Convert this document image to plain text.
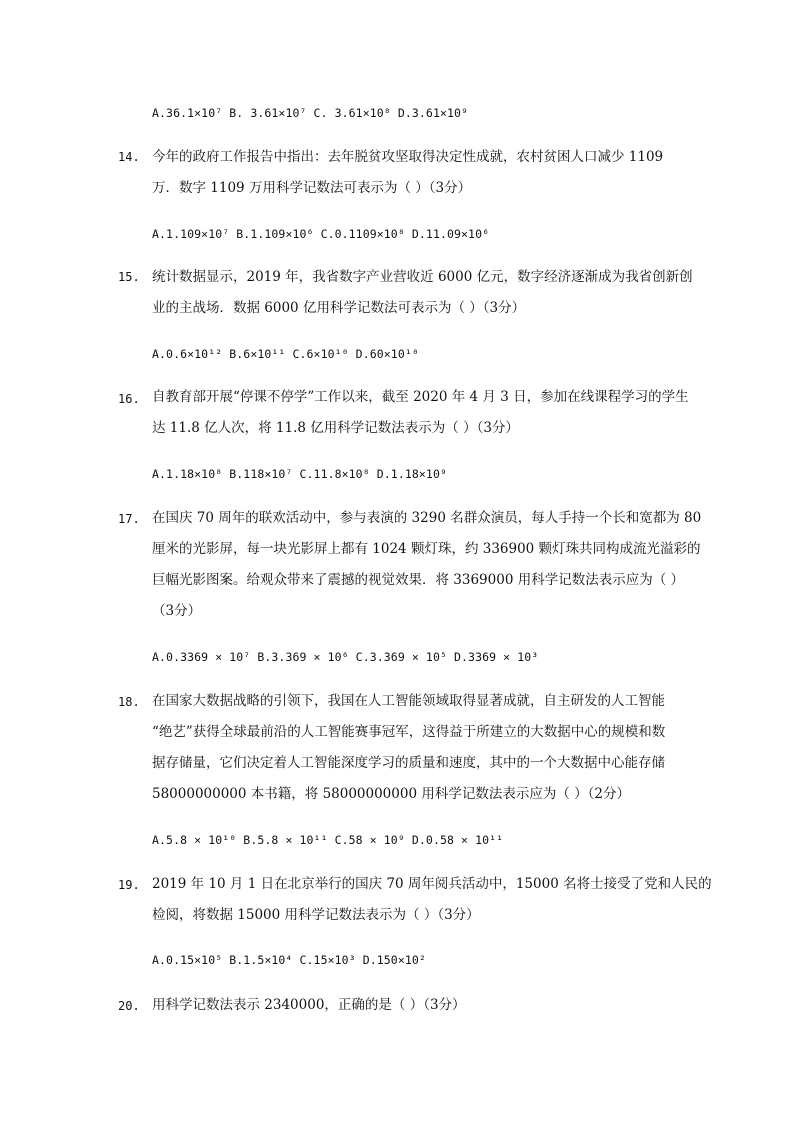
A.36.1×10⁷ B. 3.61×10⁷ C. 3.61×10⁸ D.3.61×10⁹
14. 今年的政府工作报告中指出：去年脱贫攻坚取得决定性成就，农村贫困人口减少 1109
万．数字 1109 万用科学记数法可表示为（ ）（3分）
A.1.109×10⁷ B.1.109×10⁶ C.0.1109×10⁸ D.11.09×10⁶
15. 统计数据显示，2019 年，我省数字产业营收近 6000 亿元，数字经济逐渐成为我省创新创
业的主战场．数据 6000 亿用科学记数法可表示为（ ）（3分）
A.0.6×10¹² B.6×10¹¹ C.6×10¹⁰ D.60×10¹⁰
16. 自教育部开展“停课不停学”工作以来，截至 2020 年 4 月 3 日，参加在线课程学习的学生
达 11.8 亿人次，将 11.8 亿用科学记数法表示为（ ）（3分）
A.1.18×10⁸ B.118×10⁷ C.11.8×10⁸ D.1.18×10⁹
17. 在国庆 70 周年的联欢活动中，参与表演的 3290 名群众演员，每人手持一个长和宽都为 80
厘米的光影屏，每一块光影屏上都有 1024 颗灯珠，约 336900 颗灯珠共同构成流光溢彩的
巨幅光影图案。给观众带来了震撼的视觉效果．将 3369000 用科学记数法表示应为（ ）
（3分）
A.0.3369 × 10⁷ B.3.369 × 10⁶ C.3.369 × 10⁵ D.3369 × 10³
18. 在国家大数据战略的引领下，我国在人工智能领域取得显著成就，自主研发的人工智能
“绝艺”获得全球最前沿的人工智能赛事冠军，这得益于所建立的大数据中心的规模和数
据存储量，它们决定着人工智能深度学习的质量和速度，其中的一个大数据中心能存储
58000000000 本书籍，将 58000000000 用科学记数法表示应为（ ）（2分）
A.5.8 × 10¹⁰ B.5.8 × 10¹¹ C.58 × 10⁹ D.0.58 × 10¹¹
19. 2019 年 10 月 1 日在北京举行的国庆 70 周年阅兵活动中，15000 名将士接受了党和人民的
检阅，将数据 15000 用科学记数法表示为（ ）（3分）
A.0.15×10⁵ B.1.5×10⁴ C.15×10³ D.150×10²
20. 用科学记数法表示 2340000，正确的是（ ）（3分）
